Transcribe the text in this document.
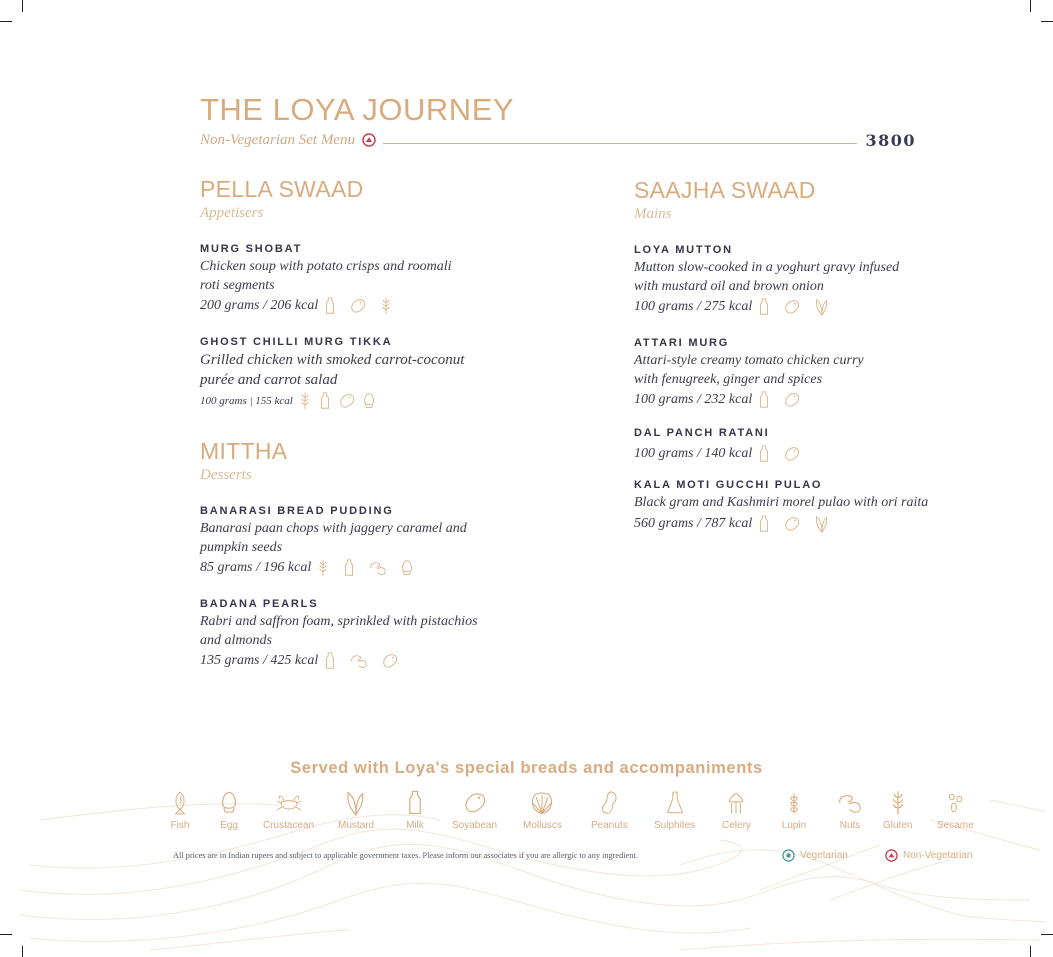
THE LOYA JOURNEY
Non-Vegetarian Set Menu	3800
PELLA SWAAD
Appetisers
MURG SHOBAT
Chicken soup with potato crisps and roomali roti segments
200 grams / 206 kcal
GHOST CHILLI MURG TIKKA
Grilled chicken with smoked carrot-coconut purée and carrot salad
100 grams | 155 kcal
MITTHA
Desserts
BANARASI BREAD PUDDING
Banarasi paan chops with jaggery caramel and pumpkin seeds
85 grams / 196 kcal
BADANA PEARLS
Rabri and saffron foam, sprinkled with pistachios and almonds
135 grams / 425 kcal
SAAJHA SWAAD
Mains
LOYA MUTTON
Mutton slow-cooked in a yoghurt gravy infused with mustard oil and brown onion
100 grams / 275 kcal
ATTARI MURG
Attari-style creamy tomato chicken curry with fenugreek, ginger and spices
100 grams / 232 kcal
DAL PANCH RATANI
100 grams / 140 kcal
KALA MOTI GUCCHI PULAO
Black gram and Kashmiri morel pulao with ori raita
560 grams / 787 kcal
Served with Loya's special breads and accompaniments
Fish	Egg	Crustacean Mustard	Milk	Soyabean	Molluscs	Peanuts	Sulphites	Celery	Lupin	Nuts Gluten Sesame
All prices are in Indian rupees and subject to applicable government taxes. Please inform our associates if you are allergic to any ingredient.	Vegetarian	Non-Vegetarian
